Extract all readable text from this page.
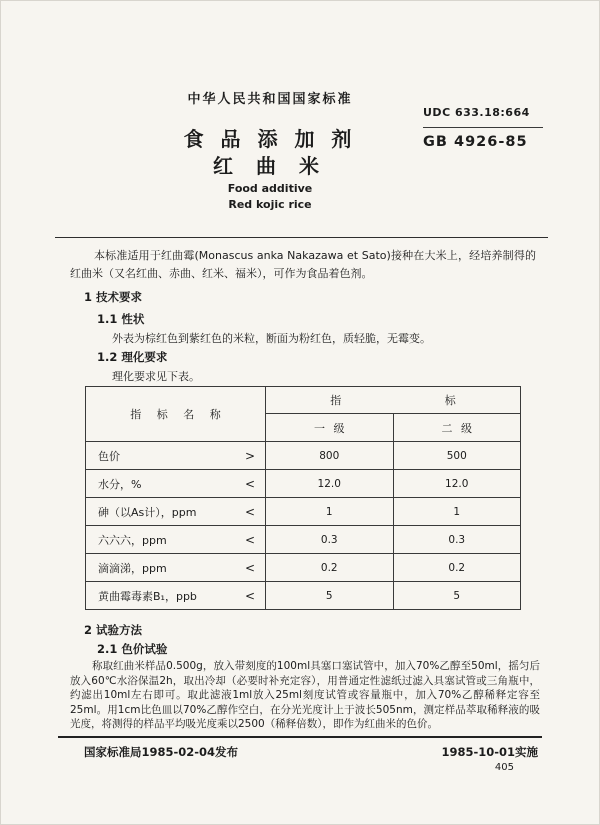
中华人民共和国国家标准
UDC 633.18:664
GB 4926-85
食 品 添 加 剂
红 曲 米
Food additive
Red kojic rice
本标准适用于红曲霉(Monascus anka Nakazawa et Sato)接种在大米上，经培养制得的红曲米（又名红曲、赤曲、红米、福米），可作为食品着色剂。
1 技术要求
1.1 性状
外表为棕红色到紫红色的米粒，断面为粉红色，质轻脆，无霉变。
1.2 理化要求
理化要求见下表。
指 标 名 称
指 标
一 级	二 级
色价	>	800	500
水分，%	<	12.0	12.0
砷（以As计），ppm	<	1	1
六六六，ppm	<	0.3	0.3
滴滴涕，ppm	<	0.2	0.2
黄曲霉毒素B₁，ppb	<	5	5
2 试验方法
2.1 色价试验
称取红曲米样品0.500g，放入带刻度的100ml具塞口塞试管中，加入70%乙醇至50ml，摇匀后放入60℃水浴保温2h，取出冷却（必要时补充定容），用普通定性滤纸过滤入具塞试管或三角瓶中，约滤出10ml左右即可。取此滤液1ml放入25ml刻度试管或容量瓶中，加入70%乙醇稀释定容至25ml。用1cm比色皿以70%乙醇作空白，在分光光度计上于波长505nm，测定样品萃取稀释液的吸光度，将测得的样品平均吸光度乘以2500（稀释倍数），即作为红曲米的色价。
国家标准局1985-02-04发布	1985-10-01实施
405
